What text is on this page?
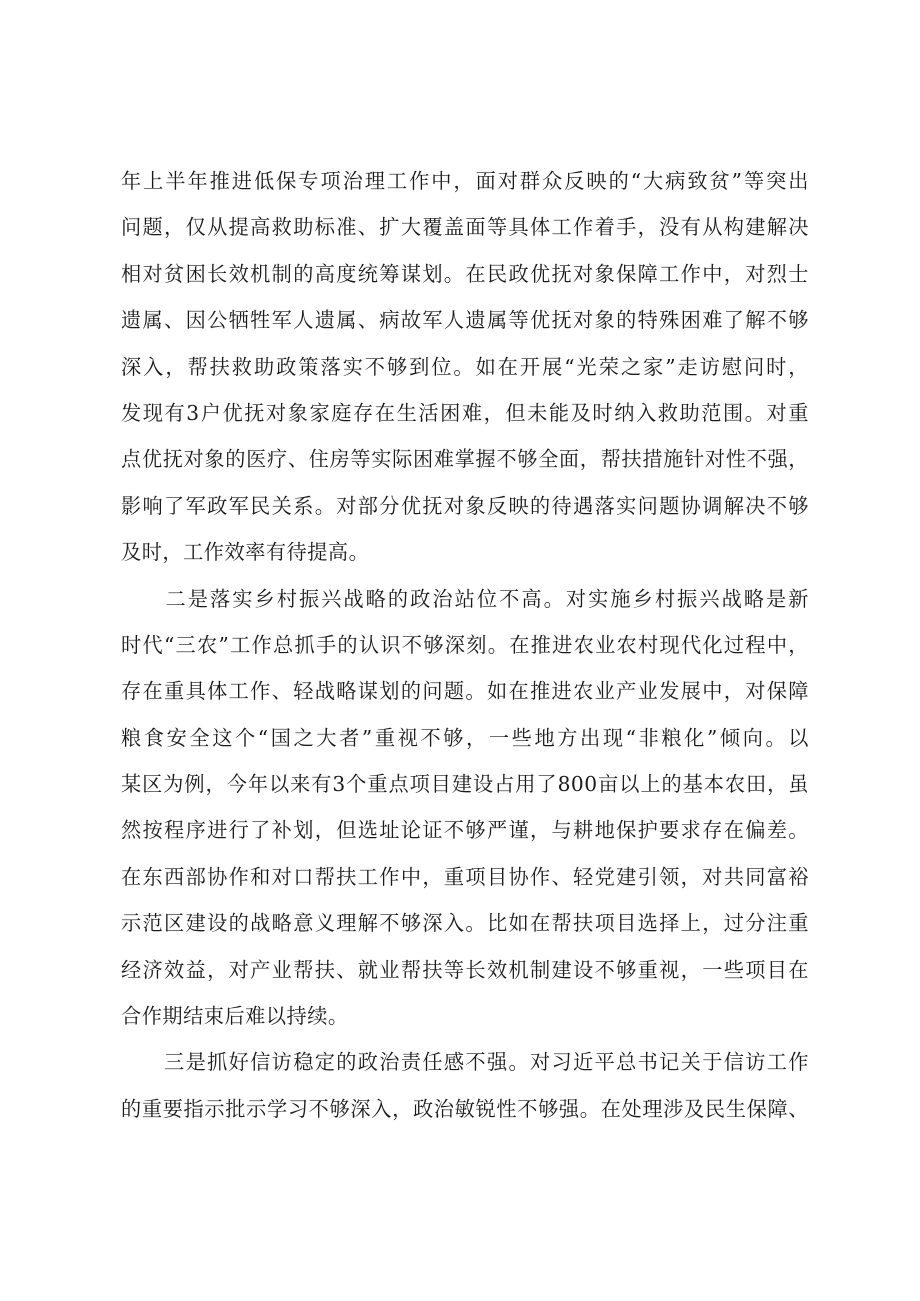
年上半年推进低保专项治理工作中，面对群众反映的“大病致贫”等突出
问题，仅从提高救助标准、扩大覆盖面等具体工作着手，没有从构建解决
相对贫困长效机制的高度统筹谋划。在民政优抚对象保障工作中，对烈士
遗属、因公牺牲军人遗属、病故军人遗属等优抚对象的特殊困难了解不够
深入，帮扶救助政策落实不够到位。如在开展“光荣之家”走访慰问时，
发现有3户优抚对象家庭存在生活困难，但未能及时纳入救助范围。对重
点优抚对象的医疗、住房等实际困难掌握不够全面，帮扶措施针对性不强，
影响了军政军民关系。对部分优抚对象反映的待遇落实问题协调解决不够
及时，工作效率有待提高。
　　二是落实乡村振兴战略的政治站位不高。对实施乡村振兴战略是新
时代“三农”工作总抓手的认识不够深刻。在推进农业农村现代化过程中，
存在重具体工作、轻战略谋划的问题。如在推进农业产业发展中，对保障
粮食安全这个“国之大者”重视不够，一些地方出现“非粮化”倾向。以
某区为例，今年以来有3个重点项目建设占用了800亩以上的基本农田，虽
然按程序进行了补划，但选址论证不够严谨，与耕地保护要求存在偏差。
在东西部协作和对口帮扶工作中，重项目协作、轻党建引领，对共同富裕
示范区建设的战略意义理解不够深入。比如在帮扶项目选择上，过分注重
经济效益，对产业帮扶、就业帮扶等长效机制建设不够重视，一些项目在
合作期结束后难以持续。
　　三是抓好信访稳定的政治责任感不强。对习近平总书记关于信访工作
的重要指示批示学习不够深入，政治敏锐性不够强。在处理涉及民生保障、
